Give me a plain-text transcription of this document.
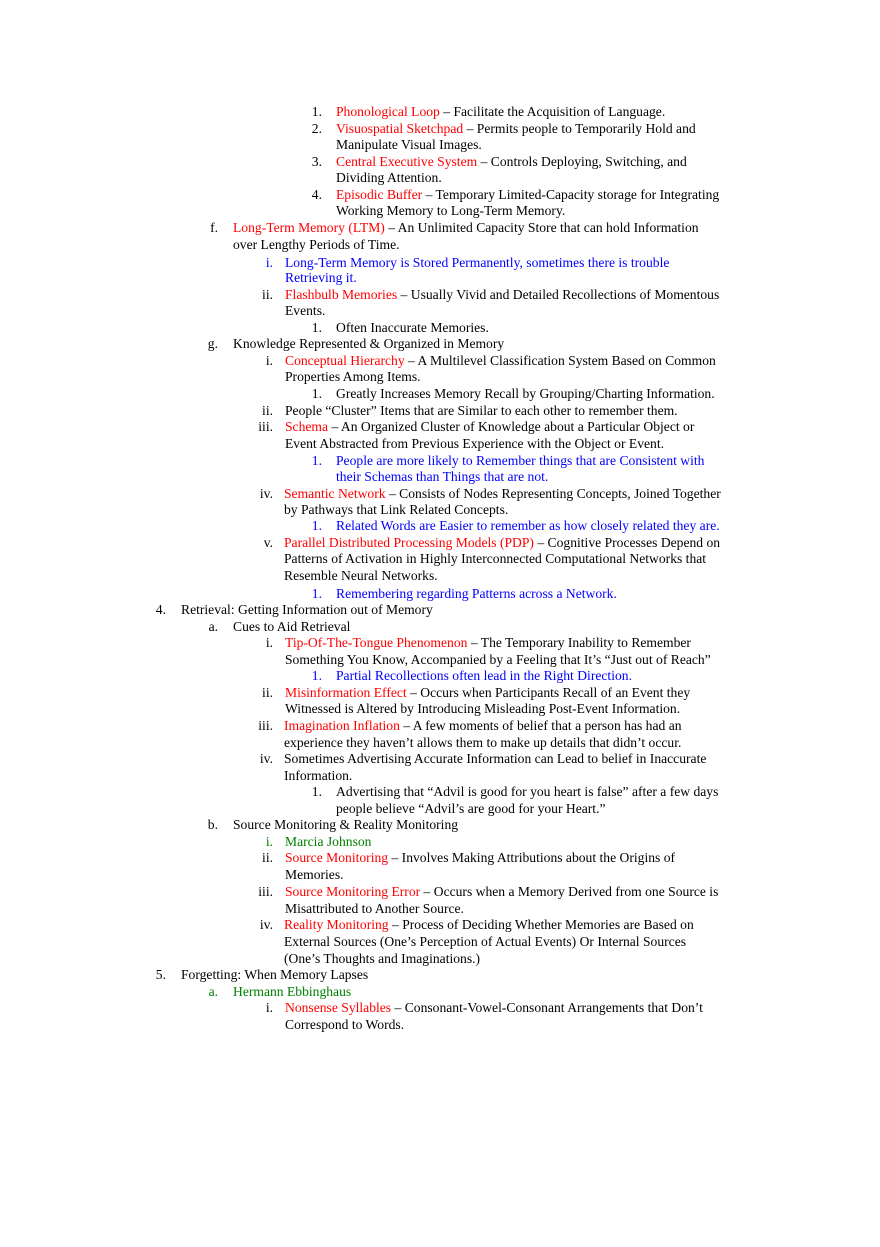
1. Phonological Loop – Facilitate the Acquisition of Language.
2. Visuospatial Sketchpad – Permits people to Temporarily Hold and
Manipulate Visual Images.
3. Central Executive System – Controls Deploying, Switching, and
Dividing Attention.
4. Episodic Buffer – Temporary Limited-Capacity storage for Integrating
Working Memory to Long-Term Memory.
f. Long-Term Memory (LTM) – An Unlimited Capacity Store that can hold Information
over Lengthy Periods of Time.
i. Long-Term Memory is Stored Permanently, sometimes there is trouble
Retrieving it.
ii. Flashbulb Memories – Usually Vivid and Detailed Recollections of Momentous
Events.
1. Often Inaccurate Memories.
g. Knowledge Represented & Organized in Memory
i. Conceptual Hierarchy – A Multilevel Classification System Based on Common
Properties Among Items.
1. Greatly Increases Memory Recall by Grouping/Charting Information.
ii. People “Cluster” Items that are Similar to each other to remember them.
iii. Schema – An Organized Cluster of Knowledge about a Particular Object or
Event Abstracted from Previous Experience with the Object or Event.
1. People are more likely to Remember things that are Consistent with
their Schemas than Things that are not.
iv. Semantic Network – Consists of Nodes Representing Concepts, Joined Together
by Pathways that Link Related Concepts.
1. Related Words are Easier to remember as how closely related they are.
v. Parallel Distributed Processing Models (PDP) – Cognitive Processes Depend on
Patterns of Activation in Highly Interconnected Computational Networks that
Resemble Neural Networks.
1. Remembering regarding Patterns across a Network.
4. Retrieval: Getting Information out of Memory
a. Cues to Aid Retrieval
i. Tip-Of-The-Tongue Phenomenon – The Temporary Inability to Remember
Something You Know, Accompanied by a Feeling that It’s “Just out of Reach”
1. Partial Recollections often lead in the Right Direction.
ii. Misinformation Effect – Occurs when Participants Recall of an Event they
Witnessed is Altered by Introducing Misleading Post-Event Information.
iii. Imagination Inflation – A few moments of belief that a person has had an
experience they haven’t allows them to make up details that didn’t occur.
iv. Sometimes Advertising Accurate Information can Lead to belief in Inaccurate
Information.
1. Advertising that “Advil is good for you heart is false” after a few days
people believe “Advil’s are good for your Heart.”
b. Source Monitoring & Reality Monitoring
i. Marcia Johnson
ii. Source Monitoring – Involves Making Attributions about the Origins of
Memories.
iii. Source Monitoring Error – Occurs when a Memory Derived from one Source is
Misattributed to Another Source.
iv. Reality Monitoring – Process of Deciding Whether Memories are Based on
External Sources (One’s Perception of Actual Events) Or Internal Sources
(One’s Thoughts and Imaginations.)
5. Forgetting: When Memory Lapses
a. Hermann Ebbinghaus
i. Nonsense Syllables – Consonant-Vowel-Consonant Arrangements that Don’t
Correspond to Words.
